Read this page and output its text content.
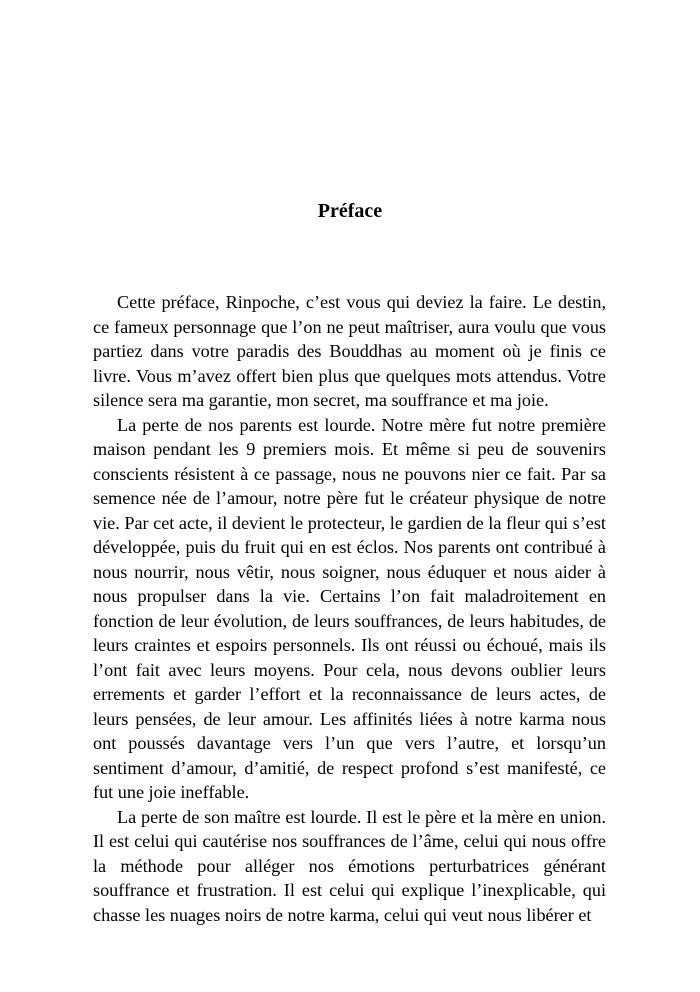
Préface

Cette préface, Rinpoche, c’est vous qui deviez la faire. Le destin, ce fameux personnage que l’on ne peut maîtriser, aura voulu que vous partiez dans votre paradis des Bouddhas au moment où je finis ce livre. Vous m’avez offert bien plus que quelques mots attendus. Votre silence sera ma garantie, mon secret, ma souffrance et ma joie.

La perte de nos parents est lourde. Notre mère fut notre première maison pendant les 9 premiers mois. Et même si peu de souvenirs conscients résistent à ce passage, nous ne pouvons nier ce fait. Par sa semence née de l’amour, notre père fut le créateur physique de notre vie. Par cet acte, il devient le protecteur, le gardien de la fleur qui s’est développée, puis du fruit qui en est éclos. Nos parents ont contribué à nous nourrir, nous vêtir, nous soigner, nous éduquer et nous aider à nous propulser dans la vie. Certains l’on fait maladroitement en fonction de leur évolution, de leurs souffrances, de leurs habitudes, de leurs craintes et espoirs personnels. Ils ont réussi ou échoué, mais ils l’ont fait avec leurs moyens. Pour cela, nous devons oublier leurs errements et garder l’effort et la reconnaissance de leurs actes, de leurs pensées, de leur amour. Les affinités liées à notre karma nous ont poussés davantage vers l’un que vers l’autre, et lorsqu’un sentiment d’amour, d’amitié, de respect profond s’est manifesté, ce fut une joie ineffable.

La perte de son maître est lourde. Il est le père et la mère en union. Il est celui qui cautérise nos souffrances de l’âme, celui qui nous offre la méthode pour alléger nos émotions perturbatrices générant souffrance et frustration. Il est celui qui explique l’inexplicable, qui chasse les nuages noirs de notre karma, celui qui veut nous libérer et
